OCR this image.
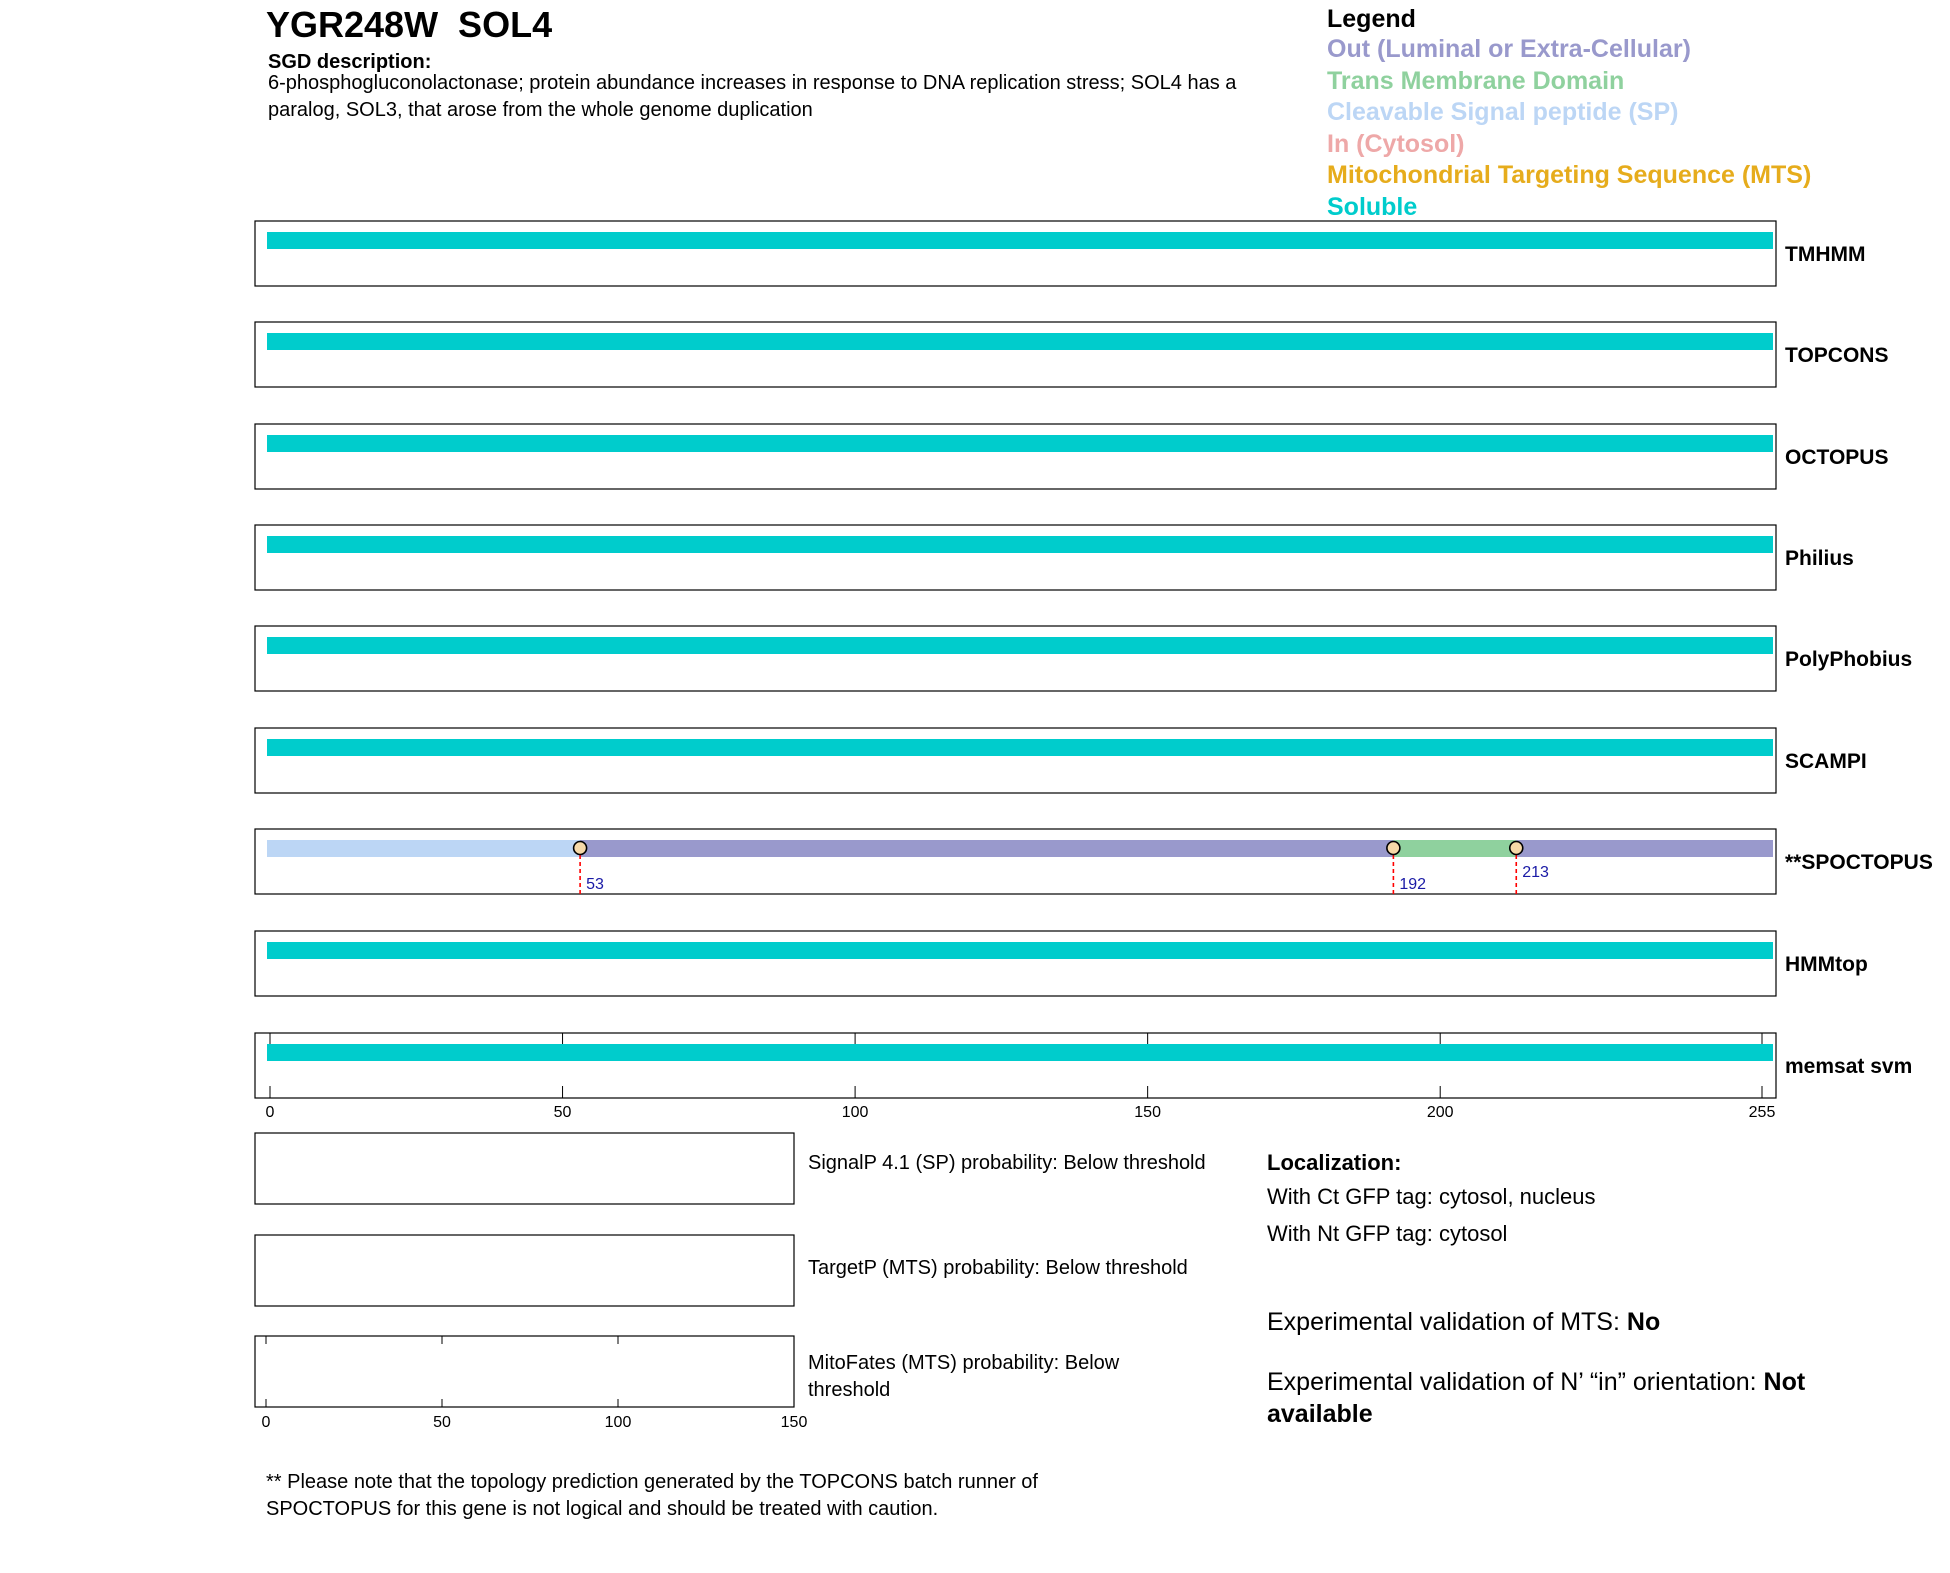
YGR248W  SOL4
SGD description:
6-phosphogluconolactonase; protein abundance increases in response to DNA replication stress; SOL4 has a paralog, SOL3, that arose from the whole genome duplication
Legend
Out (Luminal or Extra-Cellular)
Trans Membrane Domain
Cleavable Signal peptide (SP)
In (Cytosol)
Mitochondrial Targeting Sequence (MTS)
Soluble
TMHMM
TOPCONS
OCTOPUS
Philius
PolyPhobius
SCAMPI
53	192
213	**SPOCTOPUS
HMMtop
memsat svm
0	50	100	150	200	255
0	50	100	150
SignalP 4.1 (SP) probability: Below threshold
TargetP (MTS) probability: Below threshold
MitoFates (MTS) probability: Below threshold
Localization:
With Ct GFP tag: cytosol, nucleus
With Nt GFP tag: cytosol
Experimental validation of MTS: No
Experimental validation of N’ “in” orientation: Not available
** Please note that the topology prediction generated by the TOPCONS batch runner of SPOCTOPUS for this gene is not logical and should be treated with caution.
